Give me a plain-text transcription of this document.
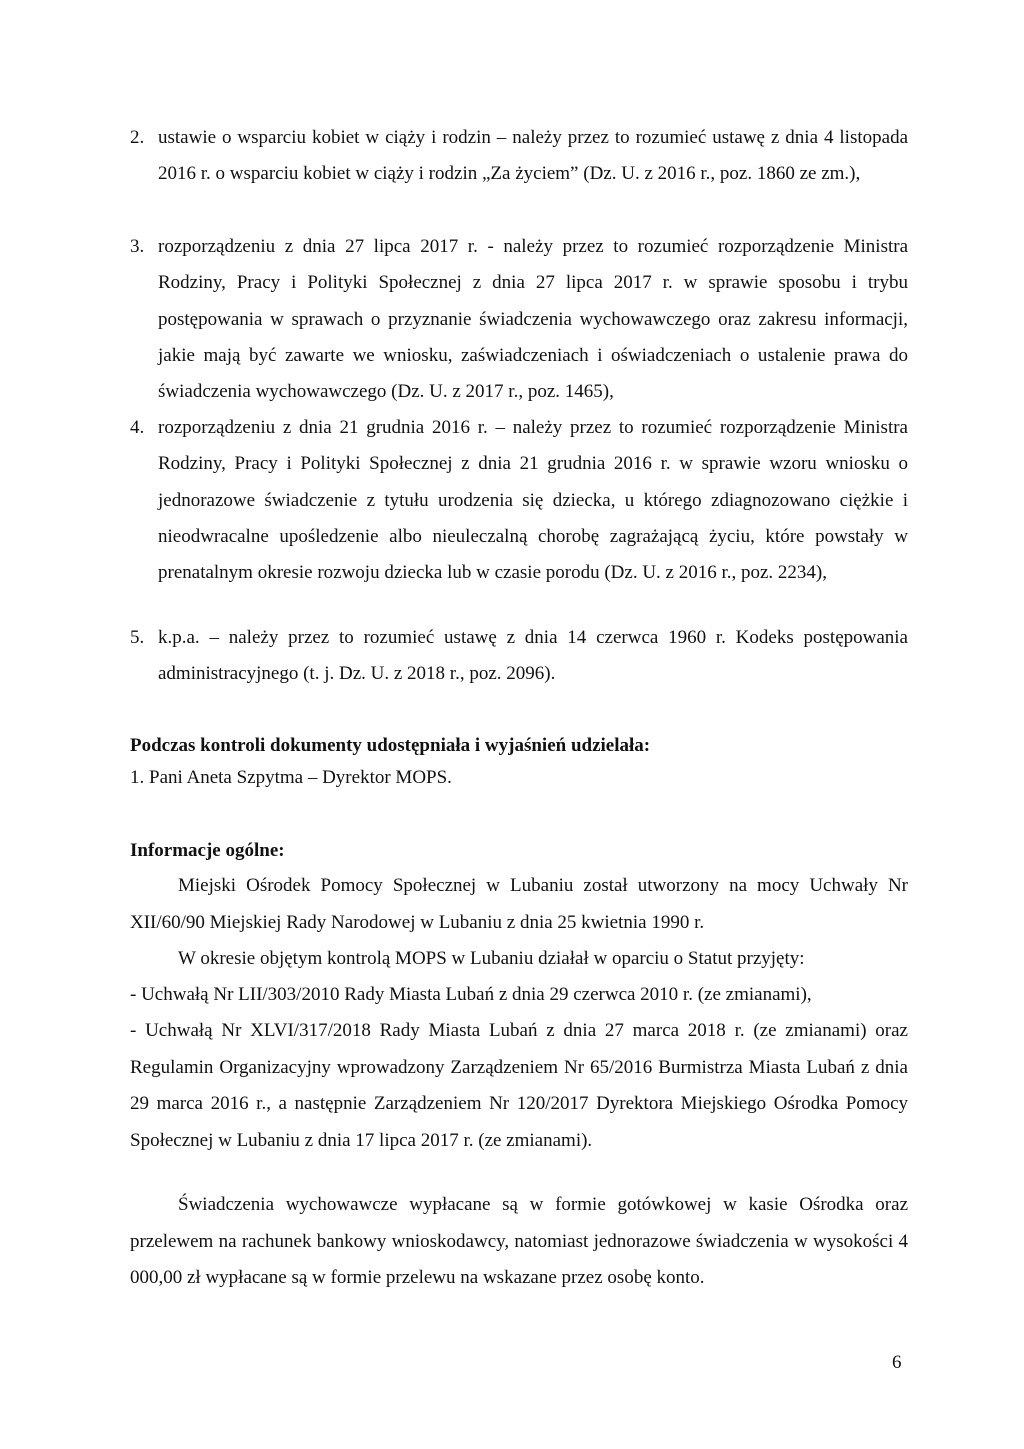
2. ustawie o wsparciu kobiet w ciąży i rodzin – należy przez to rozumieć ustawę z dnia 4 listopada 2016 r. o wsparciu kobiet w ciąży i rodzin „Za życiem” (Dz. U. z 2016 r., poz. 1860 ze zm.),
3. rozporządzeniu z dnia 27 lipca 2017 r. - należy przez to rozumieć rozporządzenie Ministra Rodziny, Pracy i Polityki Społecznej z dnia 27 lipca 2017 r. w sprawie sposobu i trybu postępowania w sprawach o przyznanie świadczenia wychowawczego oraz zakresu informacji, jakie mają być zawarte we wniosku, zaświadczeniach i oświadczeniach o ustalenie prawa do świadczenia wychowawczego (Dz. U. z 2017 r., poz. 1465),
4. rozporządzeniu z dnia 21 grudnia 2016 r. – należy przez to rozumieć rozporządzenie Ministra Rodziny, Pracy i Polityki Społecznej z dnia 21 grudnia 2016 r. w sprawie wzoru wniosku o jednorazowe świadczenie z tytułu urodzenia się dziecka, u którego zdiagnozowano ciężkie i nieodwracalne upośledzenie albo nieuleczalną chorobę zagrażającą życiu, które powstały w prenatalnym okresie rozwoju dziecka lub w czasie porodu (Dz. U. z 2016 r., poz. 2234),
5. k.p.a. – należy przez to rozumieć ustawę z dnia 14 czerwca 1960 r. Kodeks postępowania administracyjnego (t. j. Dz. U. z 2018 r., poz. 2096).
Podczas kontroli dokumenty udostępniała i wyjaśnień udzielała:
1. Pani Aneta Szpytma – Dyrektor MOPS.
Informacje ogólne:
Miejski Ośrodek Pomocy Społecznej w Lubaniu został utworzony na mocy Uchwały Nr XII/60/90 Miejskiej Rady Narodowej w Lubaniu z dnia 25 kwietnia 1990 r.
W okresie objętym kontrolą MOPS w Lubaniu działał w oparciu o Statut przyjęty:
- Uchwałą Nr LII/303/2010 Rady Miasta Lubań z dnia 29 czerwca 2010 r. (ze zmianami),
- Uchwałą Nr XLVI/317/2018 Rady Miasta Lubań z dnia 27 marca 2018 r. (ze zmianami) oraz Regulamin Organizacyjny wprowadzony Zarządzeniem Nr 65/2016 Burmistrza Miasta Lubań z dnia 29 marca 2016 r., a następnie Zarządzeniem Nr 120/2017 Dyrektora Miejskiego Ośrodka Pomocy Społecznej w Lubaniu z dnia 17 lipca 2017 r. (ze zmianami).
Świadczenia wychowawcze wypłacane są w formie gotówkowej w kasie Ośrodka oraz przelewem na rachunek bankowy wnioskodawcy, natomiast jednorazowe świadczenia w wysokości 4 000,00 zł wypłacane są w formie przelewu na wskazane przez osobę konto.
6
